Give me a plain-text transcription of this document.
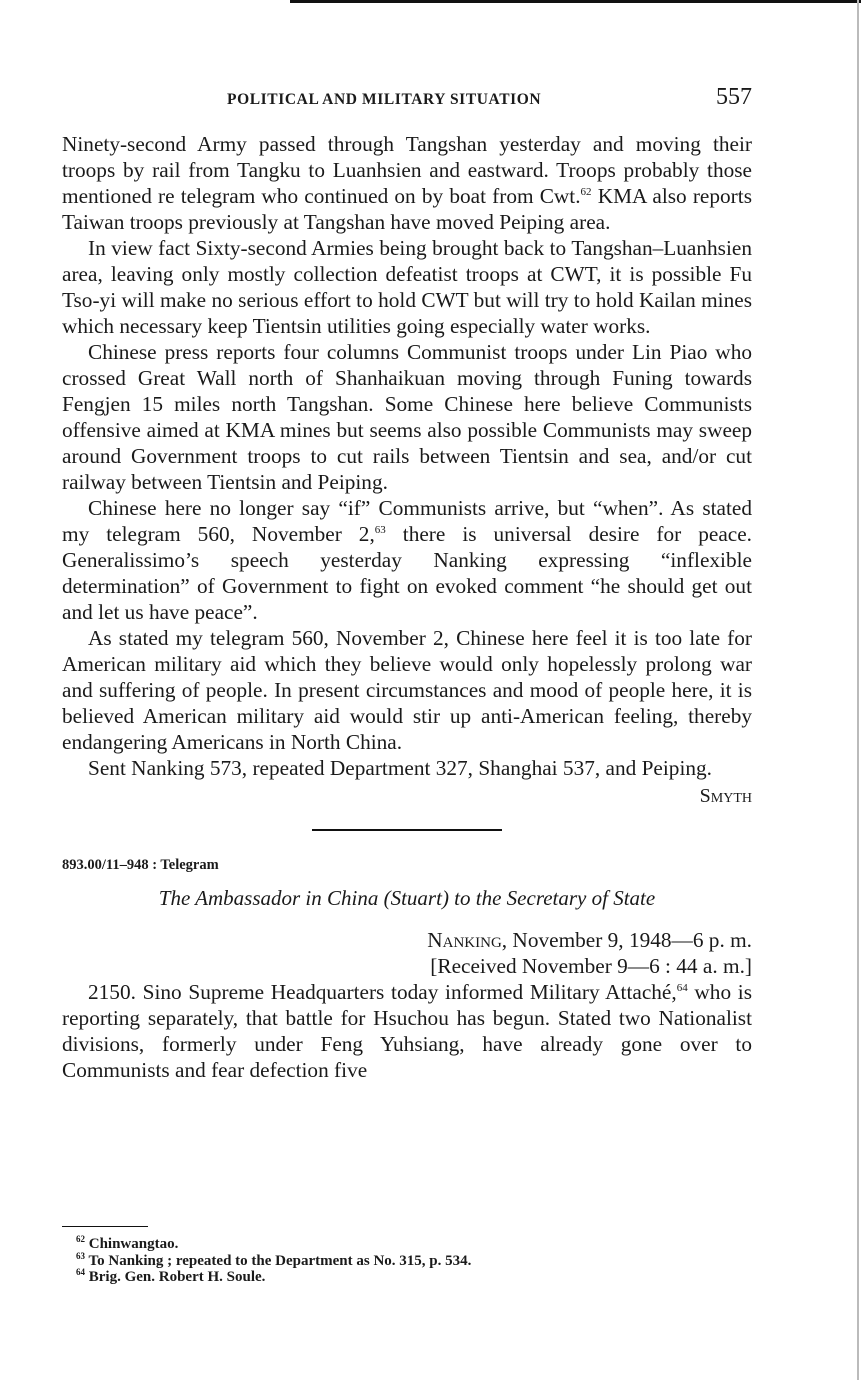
POLITICAL AND MILITARY SITUATION	557

Ninety-second Army passed through Tangshan yesterday and moving their troops by rail from Tangku to Luanhsien and eastward. Troops probably those mentioned re telegram who continued on by boat from Cwt.$^{62}$ KMA also reports Taiwan troops previously at Tangshan have moved Peiping area.

In view fact Sixty-second Armies being brought back to Tangshan–Luanhsien area, leaving only mostly collection defeatist troops at CWT, it is possible Fu Tso-yi will make no serious effort to hold CWT but will try to hold Kailan mines which necessary keep Tientsin utilities going especially water works.

Chinese press reports four columns Communist troops under Lin Piao who crossed Great Wall north of Shanhaikuan moving through Funing towards Fengjen 15 miles north Tangshan. Some Chinese here believe Communists offensive aimed at KMA mines but seems also possible Communists may sweep around Government troops to cut rails between Tientsin and sea, and/or cut railway between Tientsin and Peiping.

Chinese here no longer say “if” Communists arrive, but “when”. As stated my telegram 560, November 2,63 there is universal desire for peace. Generalissimo’s speech yesterday Nanking expressing “inflexible determination” of Government to fight on evoked comment “he should get out and let us have peace”.

As stated my telegram 560, November 2, Chinese here feel it is too late for American military aid which they believe would only hopelessly prolong war and suffering of people. In present circumstances and mood of people here, it is believed American military aid would stir up anti-American feeling, thereby endangering Americans in North China.

Sent Nanking 573, repeated Department 327, Shanghai 537, and Peiping.

Smyth
893.00/11–948 : Telegram
The Ambassador in China (Stuart) to the Secretary of State
Nanking, November 9, 1948—6 p. m.
[Received November 9—6 : 44 a. m.]

2150. Sino Supreme Headquarters today informed Military Attaché,$^{64}$ who is reporting separately, that battle for Hsuchou has begun. Stated two Nationalist divisions, formerly under Feng Yuhsiang, have already gone over to Communists and fear defection five

$^{62}$ Chinwangtao.
$^{63}$ To Nanking ; repeated to the Department as No. 315, p. 534.
$^{64}$ Brig. Gen. Robert H. Soule.
